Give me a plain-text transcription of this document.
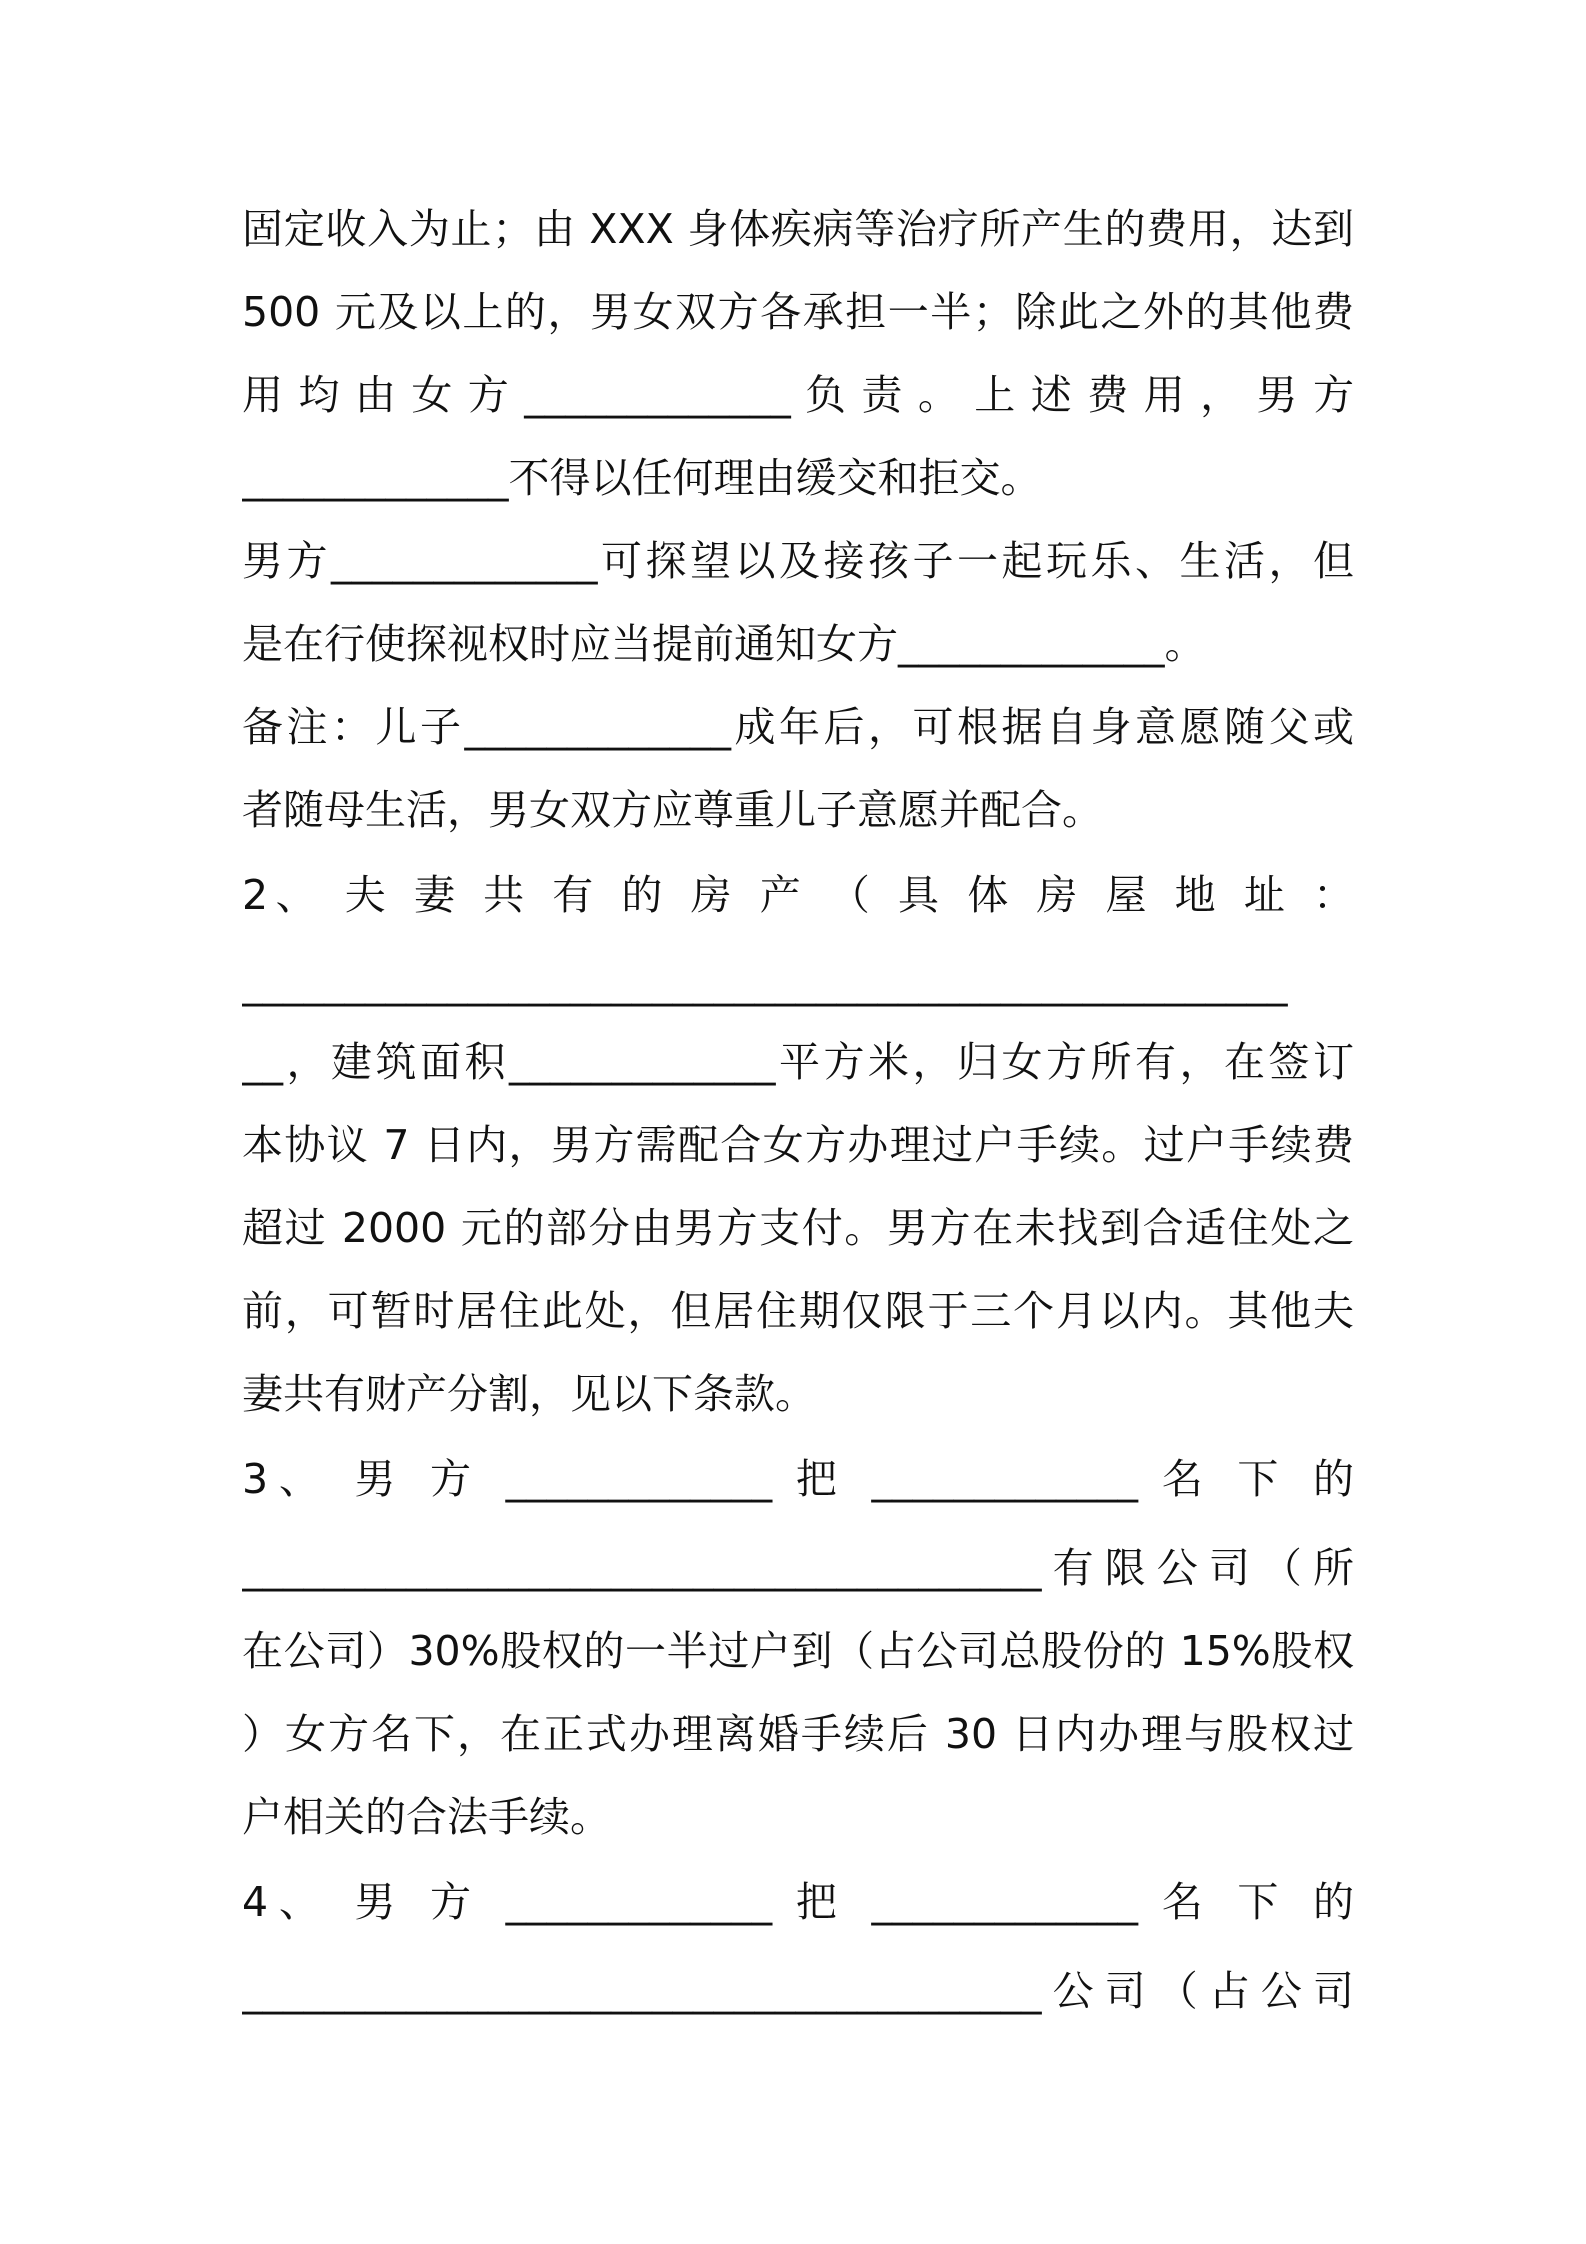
固定收入为止；由 XXX 身体疾病等治疗所产生的费用，达到
500 元及以上的，男女双方各承担一半；除此之外的其他费
用 均 由 女 方 _____________ 负 责 。 上 述 费 用 ， 男 方
_____________不得以任何理由缓交和拒交。
男方_____________可探望以及接孩子一起玩乐、生活，但
是在行使探视权时应当提前通知女方_____________。
备注：儿子_____________成年后，可根据自身意愿随父或
者随母生活，男女双方应尊重儿子意愿并配合。
2、 夫 妻 共 有 的 房 产 （ 具 体 房 屋 地 址 ：
___________________________________________________
__，建筑面积_____________平方米，归女方所有，在签订
本协议 7 日内，男方需配合女方办理过户手续。过户手续费
超过 2000 元的部分由男方支付。男方在未找到合适住处之
前，可暂时居住此处，但居住期仅限于三个月以内。其他夫
妻共有财产分割，见以下条款。
3、 男 方 _____________ 把 _____________ 名 下 的
_______________________________________有限公司（所
在公司）30%股权的一半过户到（占公司总股份的 15%股权
）女方名下，在正式办理离婚手续后 30 日内办理与股权过
户相关的合法手续。
4、 男 方 _____________ 把 _____________ 名 下 的
_______________________________________公司（占公司
